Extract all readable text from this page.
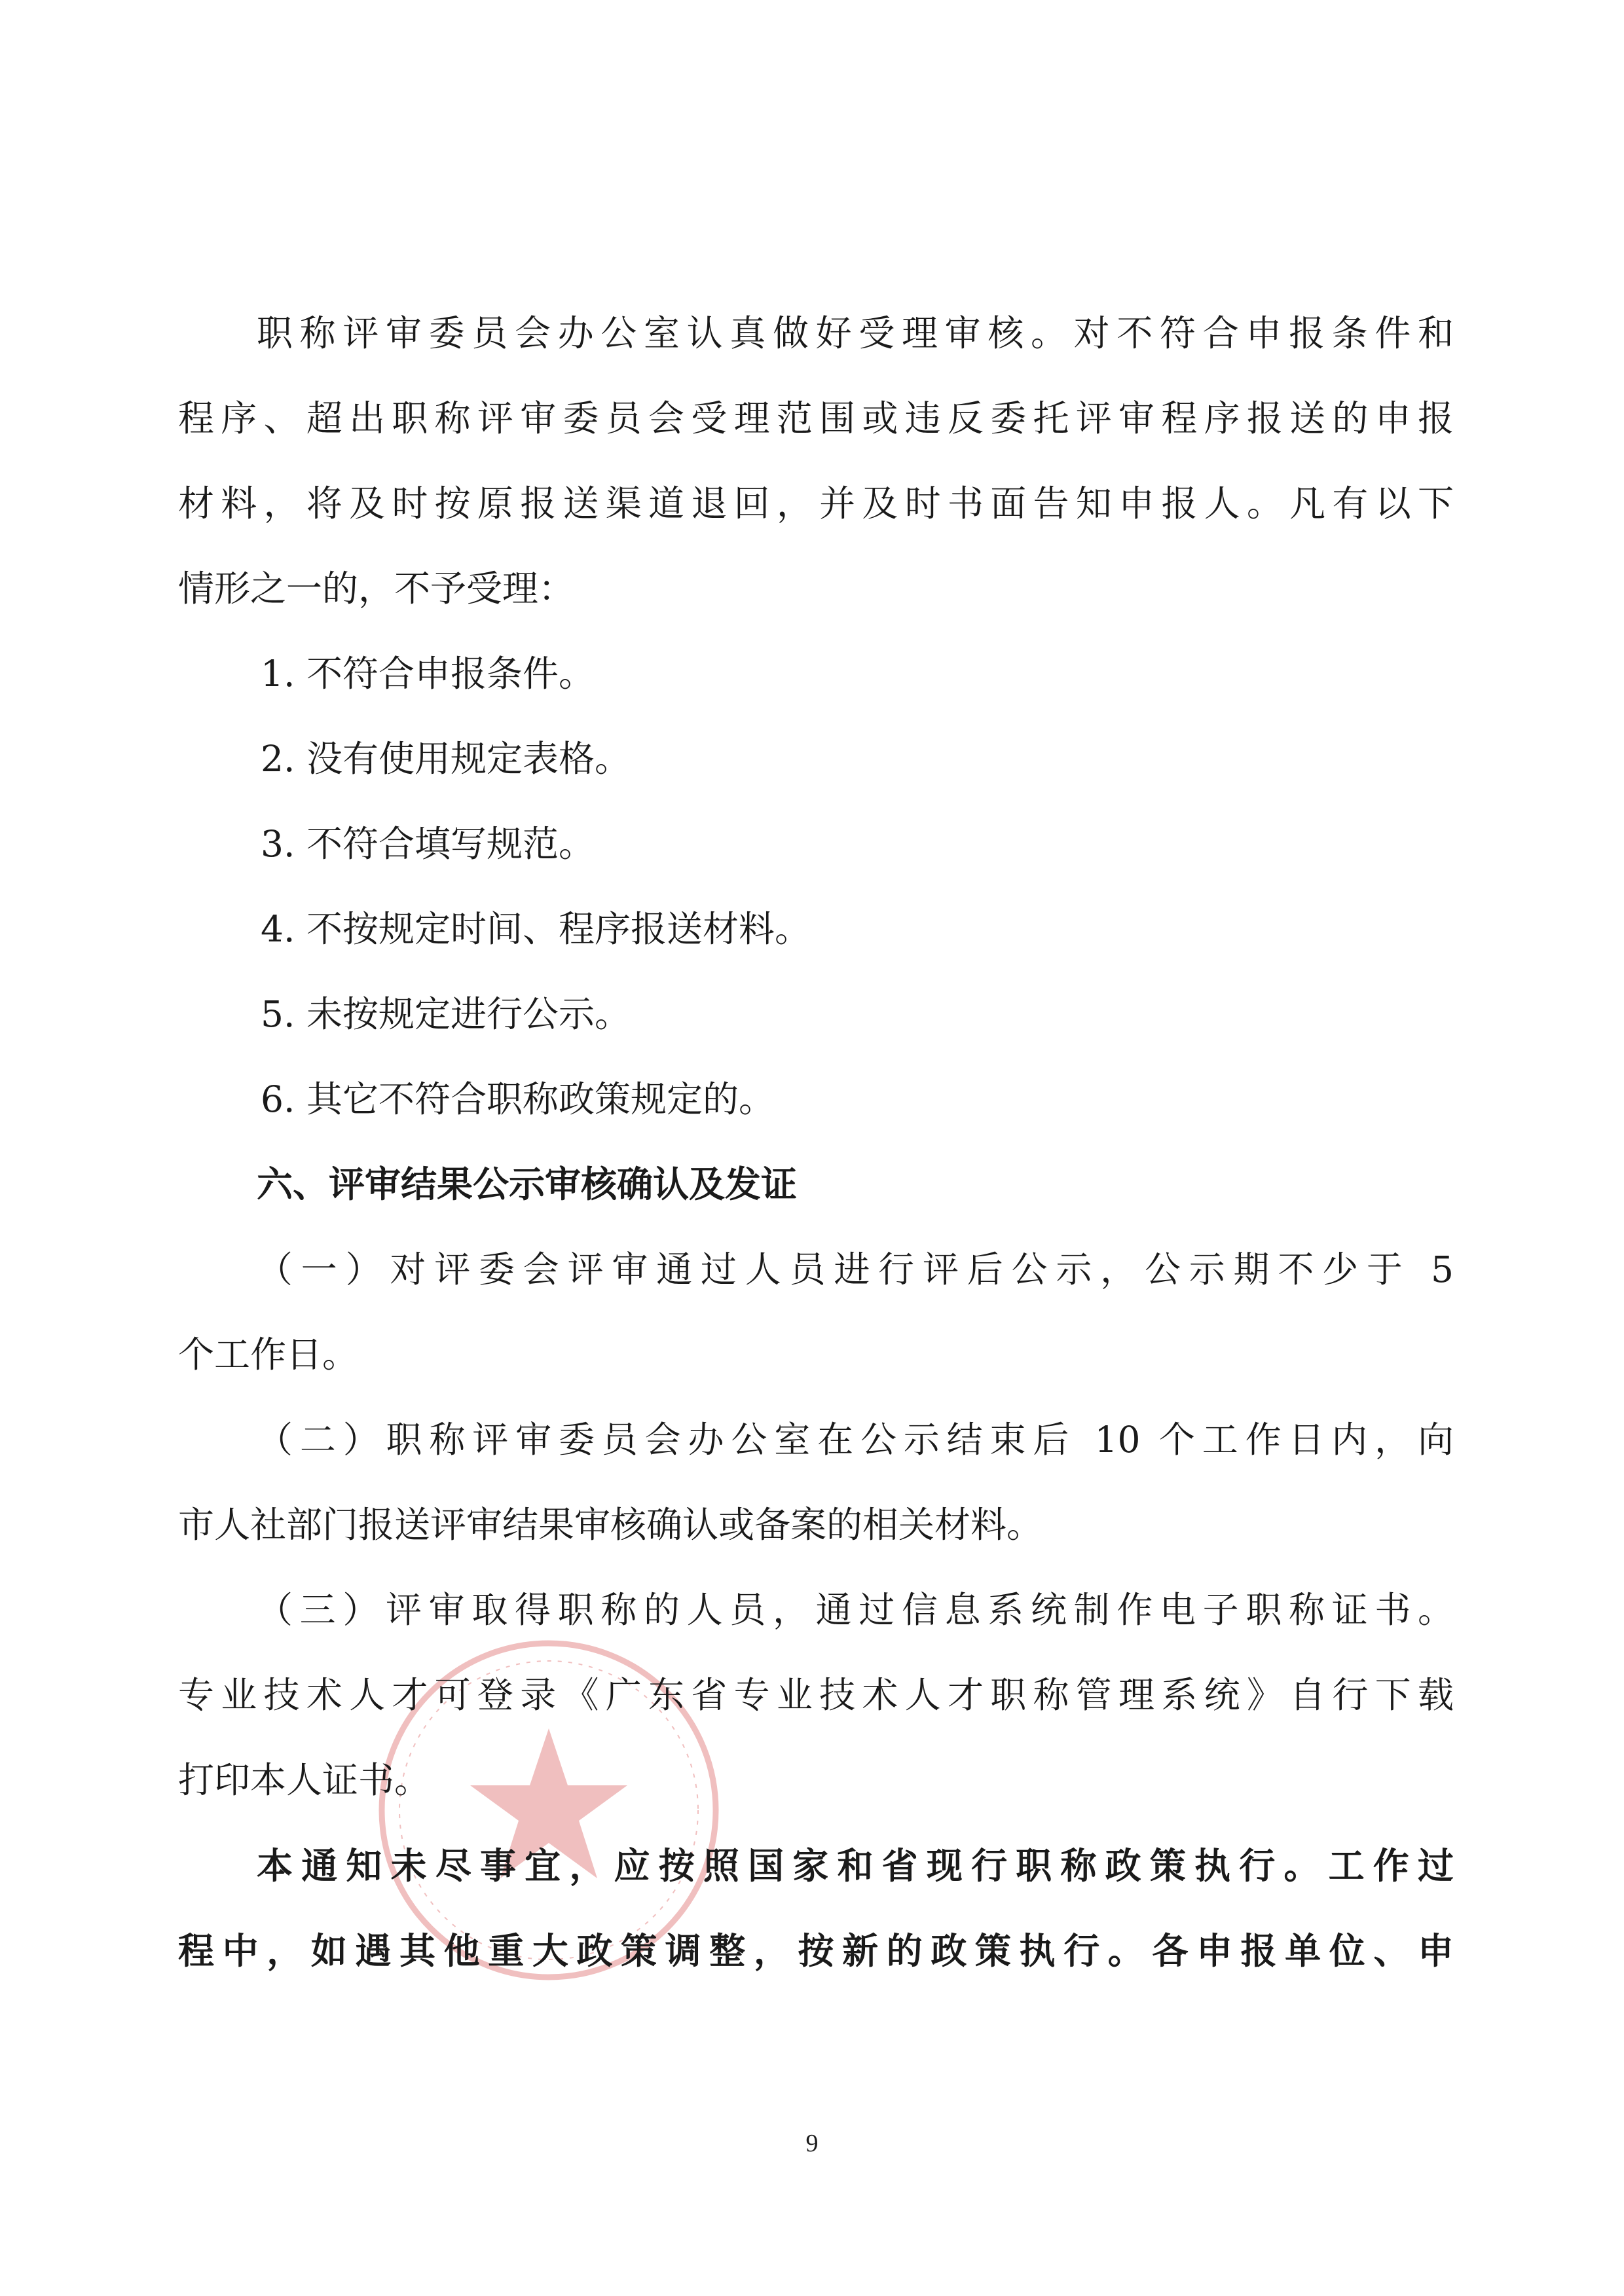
职称评审委员会办公室认真做好受理审核。对不符合申报条件和

程序、超出职称评审委员会受理范围或违反委托评审程序报送的申报

材料，将及时按原报送渠道退回，并及时书面告知申报人。凡有以下

情形之一的，不予受理：

1. 不符合申报条件。

2. 没有使用规定表格。

3. 不符合填写规范。

4. 不按规定时间、程序报送材料。

5. 未按规定进行公示。

6. 其它不符合职称政策规定的。

六、评审结果公示审核确认及发证

（一）对评委会评审通过人员进行评后公示，公示期不少于 5

个工作日。

（二）职称评审委员会办公室在公示结束后 10 个工作日内，向

市人社部门报送评审结果审核确认或备案的相关材料。

（三）评审取得职称的人员，通过信息系统制作电子职称证书。

专业技术人才可登录《广东省专业技术人才职称管理系统》自行下载

打印本人证书。

本通知未尽事宜，应按照国家和省现行职称政策执行。工作过

程中，如遇其他重大政策调整，按新的政策执行。各申报单位、申

9
